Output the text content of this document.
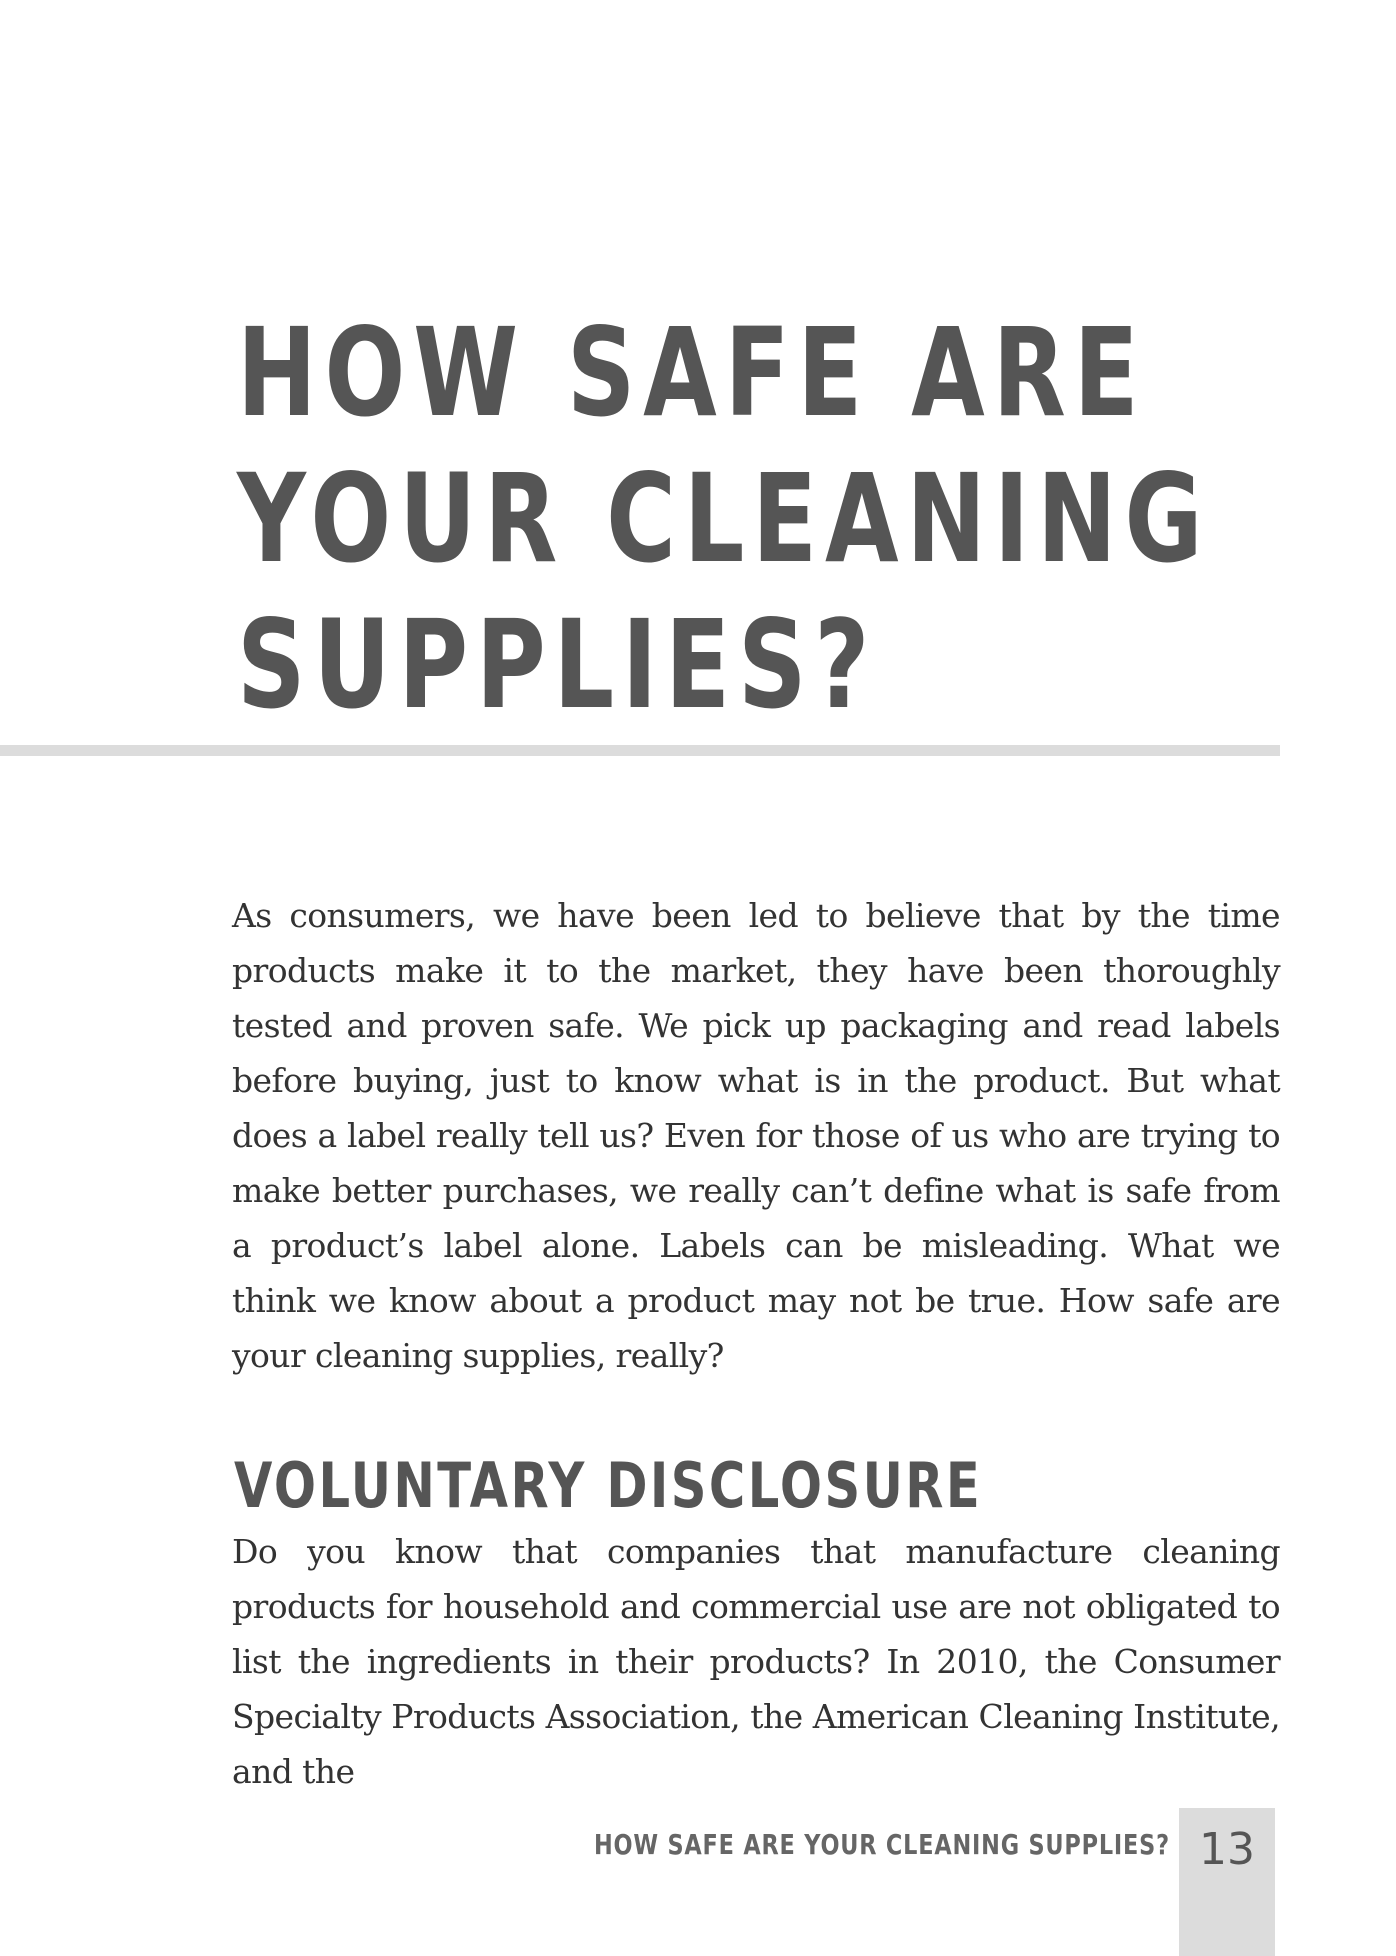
HOW SAFE ARE
YOUR CLEANING
SUPPLIES?

As consumers, we have been led to believe that by the time products make it to the market, they have been thoroughly tested and proven safe. We pick up packaging and read labels before buying, just to know what is in the product. But what does a label really tell us? Even for those of us who are trying to make better purchases, we really can’t define what is safe from a product’s label alone. Labels can be misleading. What we think we know about a product may not be true. How safe are your cleaning supplies, really?

VOLUNTARY DISCLOSURE

Do you know that companies that manufacture cleaning products for household and commercial use are not obligated to list the ingredients in their products? In 2010, the Consumer Specialty Products Association, the American Cleaning Institute, and the

HOW SAFE ARE YOUR CLEANING SUPPLIES? 13
